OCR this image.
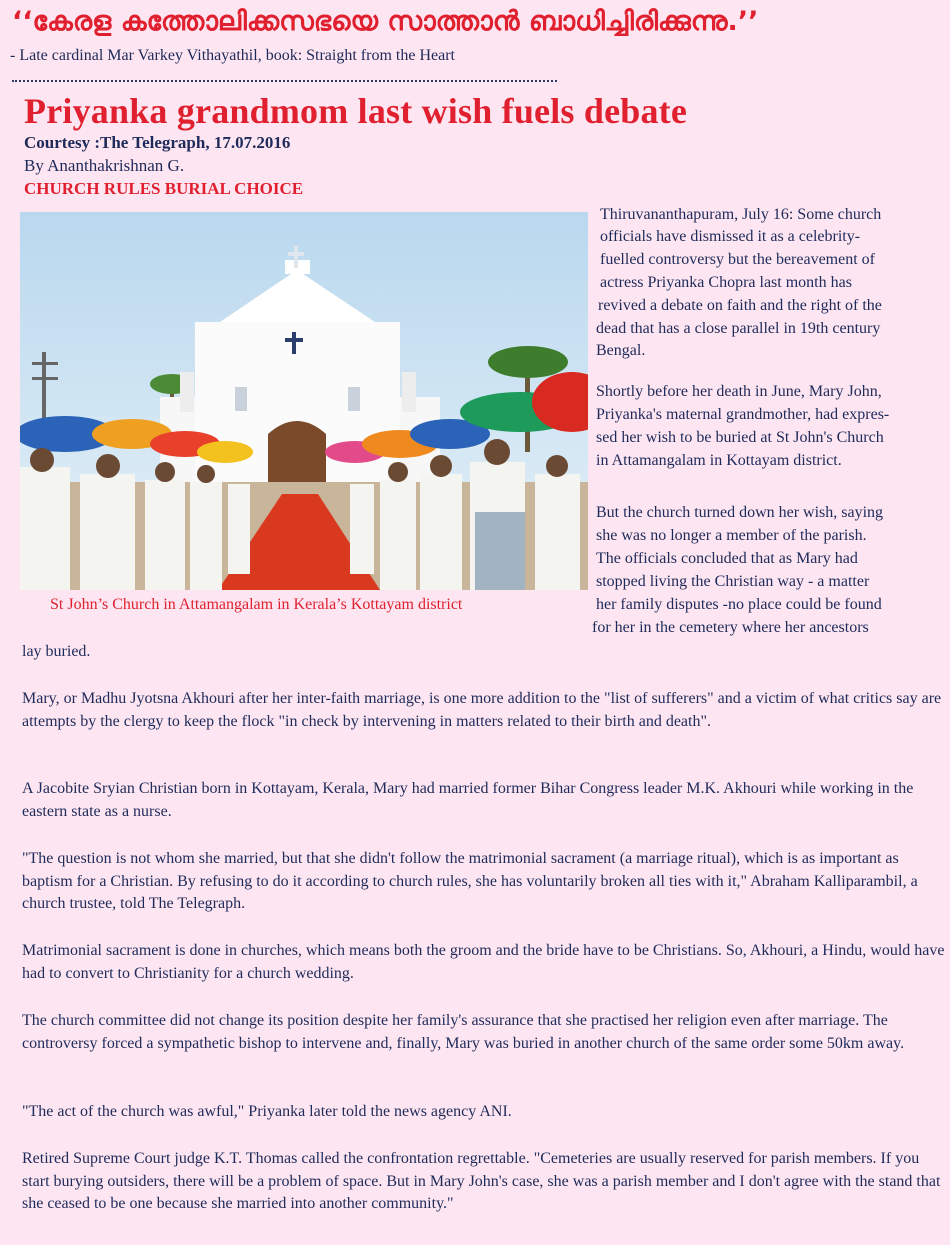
‘‘കേരള കത്തോലിക്കസഭയെ സാത്താൻ ബാധിച്ചിരിക്കുന്നു.’’
- Late cardinal Mar Varkey Vithayathil, book: Straight from the Heart
Priyanka grandmom last wish fuels debate
Courtesy :The Telegraph, 17.07.2016
By Ananthakrishnan G.
CHURCH RULES BURIAL CHOICE
St John’s Church in Attamangalam in Kerala’s Kottayam district
Thiruvananthapuram, July 16: Some church
officials have dismissed it as a celebrity-
fuelled controversy but the bereavement of
actress Priyanka Chopra last month has
revived a debate on faith and the right of the
dead that has a close parallel in 19th century
Bengal.
Shortly before her death in June, Mary John,
Priyanka's maternal grandmother, had expres-
sed her wish to be buried at St John's Church
in Attamangalam in Kottayam district.
But the church turned down her wish, saying
she was no longer a member of the parish.
The officials concluded that as Mary had
stopped living the Christian way - a matter
her family disputes -no place could be found
for her in the cemetery where her ancestors
lay buried.
Mary, or Madhu Jyotsna Akhouri after her inter-faith marriage, is one more addition to the "list of sufferers" and a victim of what critics say are attempts by the clergy to keep the flock "in check by intervening in matters related to their birth and death".
A Jacobite Sryian Christian born in Kottayam, Kerala, Mary had married former Bihar Congress leader M.K. Akhouri while working in the eastern state as a nurse.
"The question is not whom she married, but that she didn't follow the matrimonial sacrament (a marriage ritual), which is as important as baptism for a Christian. By refusing to do it according to church rules, she has voluntarily broken all ties with it," Abraham Kalliparambil, a church trustee, told The Telegraph.
Matrimonial sacrament is done in churches, which means both the groom and the bride have to be Christians. So, Akhouri, a Hindu, would have had to convert to Christianity for a church wedding.
The church committee did not change its position despite her family's assurance that she practised her religion even after marriage. The controversy forced a sympathetic bishop to intervene and, finally, Mary was buried in another church of the same order some 50km away.
"The act of the church was awful," Priyanka later told the news agency ANI.
Retired Supreme Court judge K.T. Thomas called the confrontation regrettable. "Cemeteries are usually reserved for parish members. If you start burying outsiders, there will be a problem of space. But in Mary John's case, she was a parish member and I don't agree with the stand that she ceased to be one because she married into another community."
